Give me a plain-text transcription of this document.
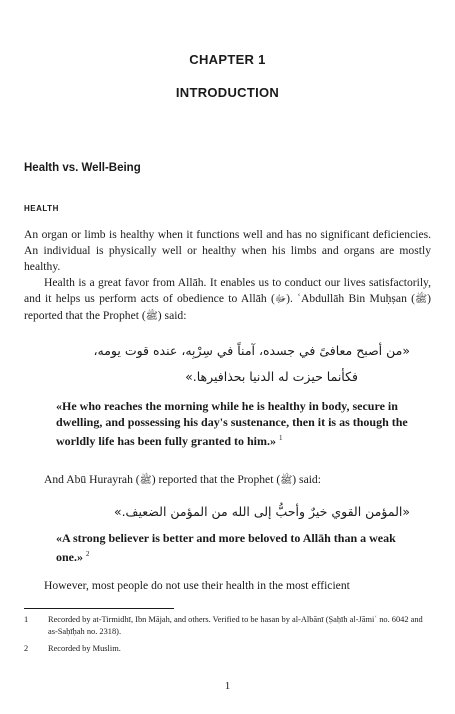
CHAPTER 1
INTRODUCTION
Health vs. Well-Being
HEALTH
An organ or limb is healthy when it functions well and has no significant deficiencies. An individual is physically well or healthy when his limbs and organs are mostly healthy.
Health is a great favor from Allāh. It enables us to conduct our lives satisfactorily, and it helps us perform acts of obedience to Allāh (ﷻ). ʿAbdullāh Bin Muḥṣan (ﷺ) reported that the Prophet (ﷺ) said:
«من أصبح معافىً في جسده، آمناً في سِرْبِه، عنده قوت يومه،
فكأنما حيزت له الدنيا بحذافيرها.»
«He who reaches the morning while he is healthy in body, secure in dwelling, and possessing his day's sustenance, then it is as though the worldly life has been fully granted to him.» $^1$
And Abū Hurayrah (ﷺ) reported that the Prophet (ﷺ) said:
«المؤمن القوي خيرٌ وأحبُّ إلى الله من المؤمن الضعيف.»
«A strong believer is better and more beloved to Allāh than a weak one.» $^2$
However, most people do not use their health in the most efficient
1 Recorded by at-Tirmidhī, Ibn Mājah, and others. Verified to be hasan by al-Albānī (Ṣaḥīh al-Jāmiʿ no. 6042 and as-Saḥīḥah no. 2318).
2 Recorded by Muslim.
1
